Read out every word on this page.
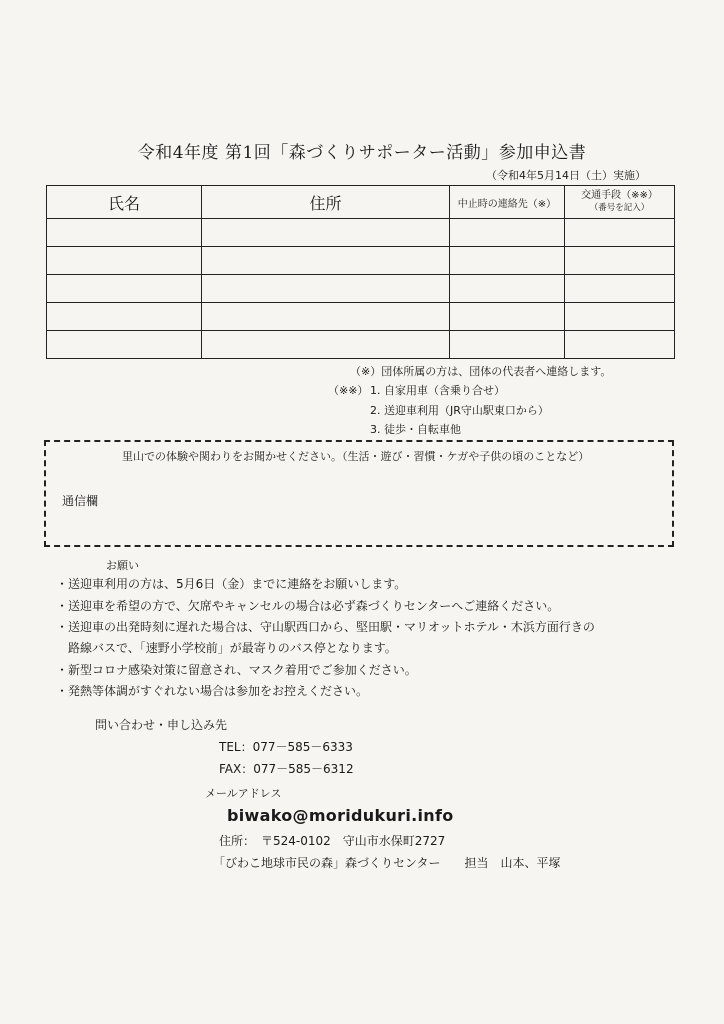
令和4年度 第1回「森づくりサポーター活動」参加申込書
（令和4年5月14日（土）実施）
氏名	住所	中止時の連絡先（※）	交通手段（※※）
（番号を記入）

（※）団体所属の方は、団体の代表者へ連絡します。
（※※） 1. 自家用車（含乗り合せ）
2. 送迎車利用（JR守山駅東口から）
3. 徒歩・自転車他
里山での体験や関わりをお聞かせください。（生活・遊び・習慣・ケガや子供の頃のことなど）
通信欄
お願い
・送迎車利用の方は、5月6日（金）までに連絡をお願いします。
・送迎車を希望の方で、欠席やキャンセルの場合は必ず森づくりセンターへご連絡ください。
・送迎車の出発時刻に遅れた場合は、守山駅西口から、堅田駅・マリオットホテル・木浜方面行きの
　路線バスで、「速野小学校前」が最寄りのバス停となります。
・新型コロナ感染対策に留意され、マスク着用でご参加ください。
・発熱等体調がすぐれない場合は参加をお控えください。
問い合わせ・申し込み先
TEL：077－585－6333
FAX：077－585－6312
メールアドレス
biwako@moridukuri.info
住所：　〒524-0102　守山市水保町2727
「びわこ地球市民の森」森づくりセンター　　担当　山本、平塚
